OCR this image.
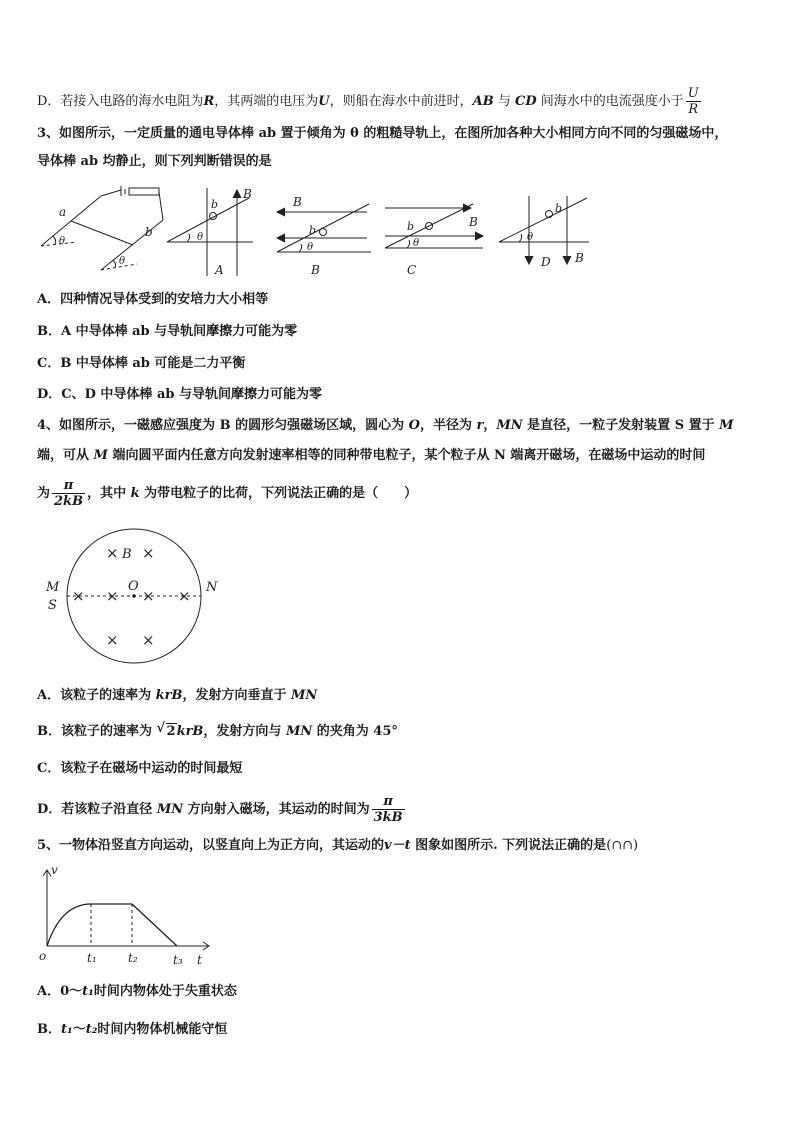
D．若接入电路的海水电阻为R，其两端的电压为U，则船在海水中前进时，AB 与 CD 间海水中的电流强度小于 $\frac{U}{R}$
3、如图所示，一定质量的通电导体棒 ab 置于倾角为 θ 的粗糙导轨上，在图所加各种大小相同方向不同的匀强磁场中，
导体棒 ab 均静止，则下列判断错误的是
a
b
θ
θ
b
B
θ
A
B
b
θ
B
B
b
θ
C
b
θ
D B
A．四种情况导体受到的安培力大小相等
B．A 中导体棒 ab 与导轨间摩擦力可能为零
C．B 中导体棒 ab 可能是二力平衡
D．C、D 中导体棒 ab 与导轨间摩擦力可能为零
4、如图所示，一磁感应强度为 B 的圆形匀强磁场区域，圆心为 O，半径为 r，MN 是直径，一粒子发射装置 S 置于 M
端，可从 M 端向圆平面内任意方向发射速率相等的同种带电粒子，某个粒子从 N 端离开磁场，在磁场中运动的时间
为 $\frac{\pi}{2kB}$ ，其中 k 为带电粒子的比荷，下列说法正确的是（　　）
× ×
× × × ×
× ×
B
O
M
S
N
A．该粒子的速率为 krB，发射方向垂直于 MN
B．该粒子的速率为 √ 2krB，发射方向与 MN 的夹角为 45°
C．该粒子在磁场中运动的时间最短
D．若该粒子沿直径 MN 方向射入磁场，其运动的时间为 $\frac{\pi}{3kB}$
5、一物体沿竖直方向运动，以竖直向上为正方向，其运动的v－t 图象如图所示. 下列说法正确的是(∩∩)
v
o	t₁	t₂	t₃ t
A．0～t₁时间内物体处于失重状态
B．t₁～t₂时间内物体机械能守恒
